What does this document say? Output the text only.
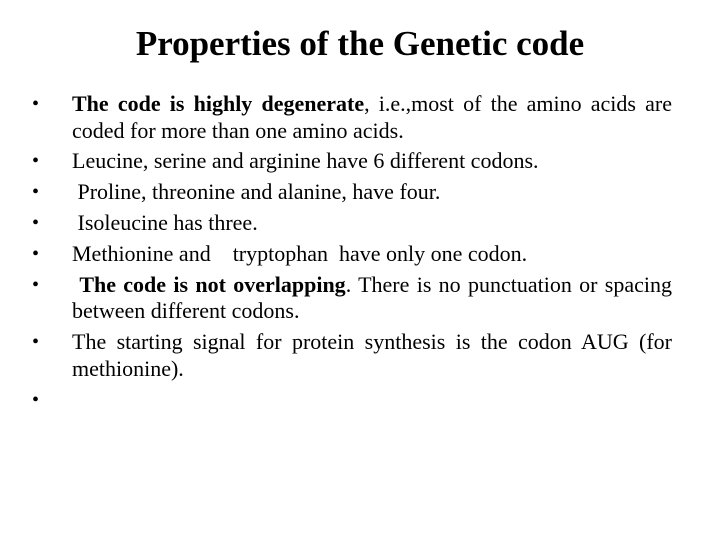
Properties of the Genetic code
•	The code is highly degenerate, i.e.,most of the amino acids are coded for more than one amino acids.
•	Leucine, serine and arginine have 6 different codons.
•	Proline, threonine and alanine, have four.
•	Isoleucine has three.
•	Methionine and    tryptophan  have only one codon.
•	The code is not overlapping. There is no punctuation or spacing between different codons.
•	The starting signal for protein synthesis is the codon AUG (for methionine).
•
